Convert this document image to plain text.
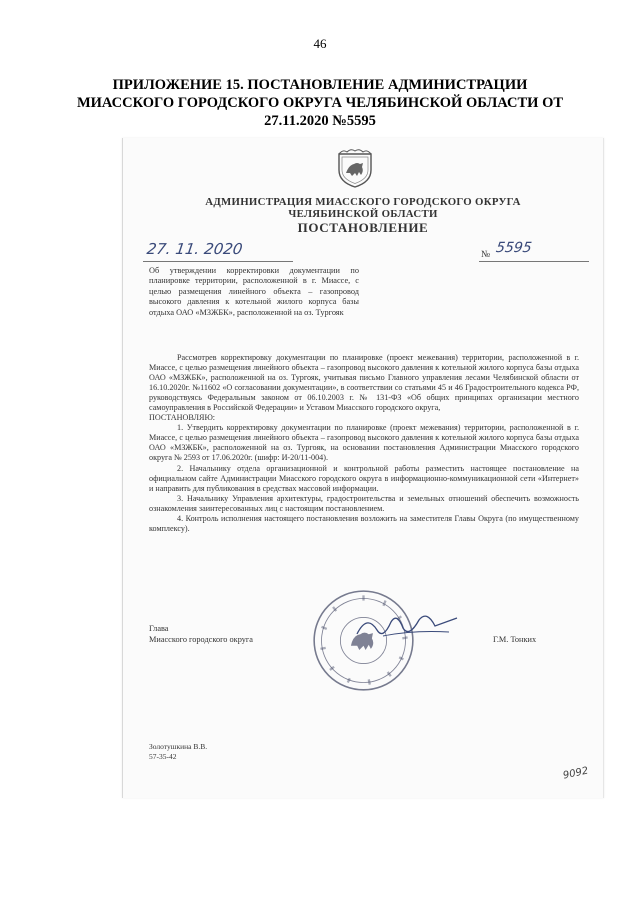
46
ПРИЛОЖЕНИЕ 15. ПОСТАНОВЛЕНИЕ АДМИНИСТРАЦИИ
МИАССКОГО ГОРОДСКОГО ОКРУГА ЧЕЛЯБИНСКОЙ ОБЛАСТИ ОТ
27.11.2020 №5595
АДМИНИСТРАЦИЯ МИАССКОГО ГОРОДСКОГО ОКРУГА
ЧЕЛЯБИНСКОЙ ОБЛАСТИ
ПОСТАНОВЛЕНИЕ
27. 11. 2020	№ 5595
Об утверждении корректировки документации по планировке территории, расположенной в г. Миассе, с целью размещения линейного объекта – газопровод высокого давления к котельной жилого корпуса базы отдыха ОАО «МЗЖБК», расположенной на оз. Тургояк

Рассмотрев корректировку документации по планировке (проект межевания) территории, расположенной в г. Миассе, с целью размещения линейного объекта – газопровод высокого давления к котельной жилого корпуса базы отдыха ОАО «МЗЖБК», расположенной на оз. Тургояк, учитывая письмо Главного управления лесами Челябинской области от 16.10.2020г. №11602 «О согласовании документации», в соответствии со статьями 45 и 46 Градостроительного кодекса РФ, руководствуясь Федеральным законом от 06.10.2003 г. № 131-ФЗ «Об общих принципах организации местного самоуправления в Российской Федерации» и Уставом Миасского городского округа,

ПОСТАНОВЛЯЮ:

1. Утвердить корректировку документации по планировке (проект межевания) территории, расположенной в г. Миассе, с целью размещения линейного объекта – газопровод высокого давления к котельной жилого корпуса базы отдыха ОАО «МЗЖБК», расположенной на оз. Тургояк, на основании постановления Администрации Миасского городского округа № 2593 от 17.06.2020г. (шифр: И-20/11-004).

2. Начальнику отдела организационной и контрольной работы разместить настоящее постановление на официальном сайте Администрации Миасского городского округа в информационно-коммуникационной сети «Интернет» и направить для публикования в средствах массовой информации.

3. Начальнику Управления архитектуры, градостроительства и земельных отношений обеспечить возможность ознакомления заинтересованных лиц с настоящим постановлением.

4. Контроль исполнения настоящего постановления возложить на заместителя Главы Округа (по имущественному комплексу).

Глава
Миасского городского округа	Г.М. Тонких
Золотушкина В.В.
57-35-42
9092
